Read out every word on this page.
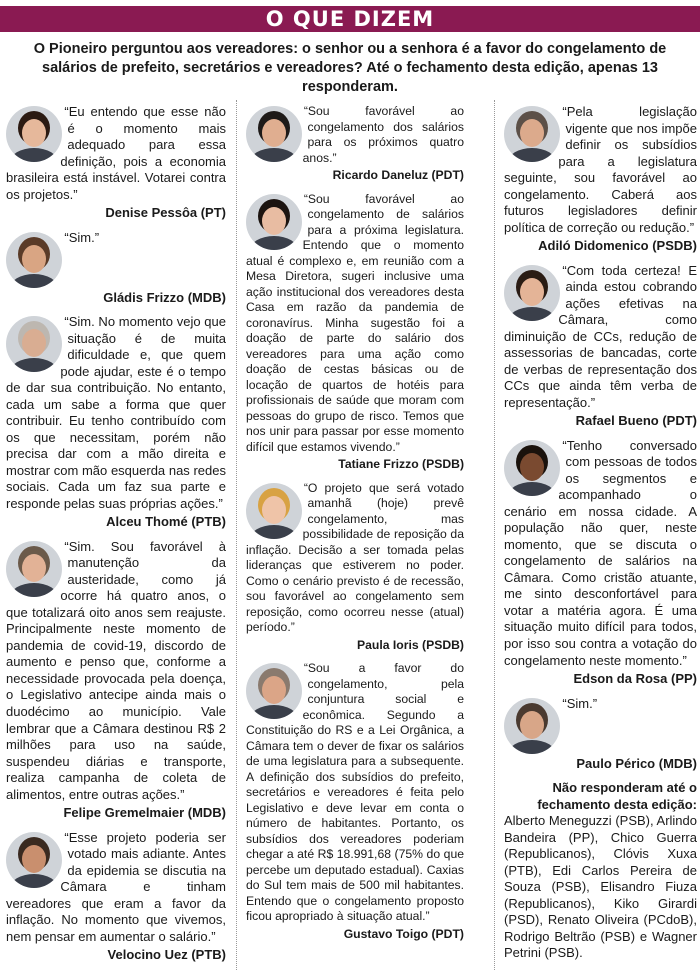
O QUE DIZEM
O Pioneiro perguntou aos vereadores: o senhor ou a senhora é a favor do congelamento de salários de prefeito, secretários e vereadores? Até o fechamento desta edição, apenas 13 responderam.

“Eu entendo que esse não é o momento mais adequado para essa definição, pois a economia brasileira está instável. Votarei contra os projetos.”

Denise Pessôa (PT)

“Sim.”

Gládis Frizzo (MDB)

“Sim. No momento vejo que situação é de muita dificuldade e, que quem pode ajudar, este é o tempo de dar sua contribuição. No entanto, cada um sabe a forma que quer contribuir. Eu tenho contribuído com os que necessitam, porém não precisa dar com a mão direita e mostrar com mão esquerda nas redes sociais. Cada um faz sua parte e responde pelas suas próprias ações.”

Alceu Thomé (PTB)

“Sim. Sou favorável à manutenção da austeridade, como já ocorre há quatro anos, o que totalizará oito anos sem reajuste. Principalmente neste momento de pandemia de covid-19, discordo de aumento e penso que, conforme a necessidade provocada pela doença, o Legislativo antecipe ainda mais o duodécimo ao município. Vale lembrar que a Câmara destinou R$ 2 milhões para uso na saúde, suspendeu diárias e transporte, realiza campanha de coleta de alimentos, entre outras ações.”

Felipe Gremelmaier (MDB)

“Esse projeto poderia ser votado mais adiante. Antes da epidemia se discutia na Câmara e tinham vereadores que eram a favor da inflação. No momento que vivemos, nem pensar em aumentar o salário.”

Velocino Uez (PTB)

“Sou favorável ao congelamento dos salários para os próximos quatro anos.”

Ricardo Daneluz (PDT)

“Sou favorável ao congelamento de salários para a próxima legislatura. Entendo que o momento atual é complexo e, em reunião com a Mesa Diretora, sugeri inclusive uma ação institucional dos vereadores desta Casa em razão da pandemia de coronavírus. Minha sugestão foi a doação de parte do salário dos vereadores para uma ação como doação de cestas básicas ou de locação de quartos de hotéis para profissionais de saúde que moram com pessoas do grupo de risco. Temos que nos unir para passar por esse momento difícil que estamos vivendo.”

Tatiane Frizzo (PSDB)

“O projeto que será votado amanhã (hoje) prevê congelamento, mas possibilidade de reposição da inflação. Decisão a ser tomada pelas lideranças que estiverem no poder. Como o cenário previsto é de recessão, sou favorável ao congelamento sem reposição, como ocorreu nesse (atual) período.”

Paula Ioris (PSDB)

“Sou a favor do congelamento, pela conjuntura social e econômica. Segundo a Constituição do RS e a Lei Orgânica, a Câmara tem o dever de fixar os salários de uma legislatura para a subsequente. A definição dos subsídios do prefeito, secretários e vereadores é feita pelo Legislativo e deve levar em conta o número de habitantes. Portanto, os subsídios dos vereadores poderiam chegar a até R$ 18.991,68 (75% do que percebe um deputado estadual). Caxias do Sul tem mais de 500 mil habitantes. Entendo que o congelamento proposto ficou apropriado à situação atual.”

Gustavo Toigo (PDT)

“Pela legislação vigente que nos impõe definir os subsídios para a legislatura seguinte, sou favorável ao congelamento. Caberá aos futuros legisladores definir política de correção ou redução.”

Adiló Didomenico (PSDB)

“Com toda certeza! E ainda estou cobrando ações efetivas na Câmara, como diminuição de CCs, redução de assessorias de bancadas, corte de verbas de representação dos CCs que ainda têm verba de representação.”

Rafael Bueno (PDT)

“Tenho conversado com pessoas de todos os segmentos e acompanhado o cenário em nossa cidade. A população não quer, neste momento, que se discuta o congelamento de salários na Câmara. Como cristão atuante, me sinto desconfortável para votar a matéria agora. É uma situação muito difícil para todos, por isso sou contra a votação do congelamento neste momento.”

Edson da Rosa (PP)

“Sim.”

Paulo Périco (MDB)
Não responderam até o fechamento desta edição:
Alberto Meneguzzi (PSB), Arlindo Bandeira (PP), Chico Guerra (Republicanos), Clóvis Xuxa (PTB), Edi Carlos Pereira de Souza (PSB), Elisandro Fiuza (Republicanos), Kiko Girardi (PSD), Renato Oliveira (PCdoB), Rodrigo Beltrão (PSB) e Wagner Petrini (PSB).
